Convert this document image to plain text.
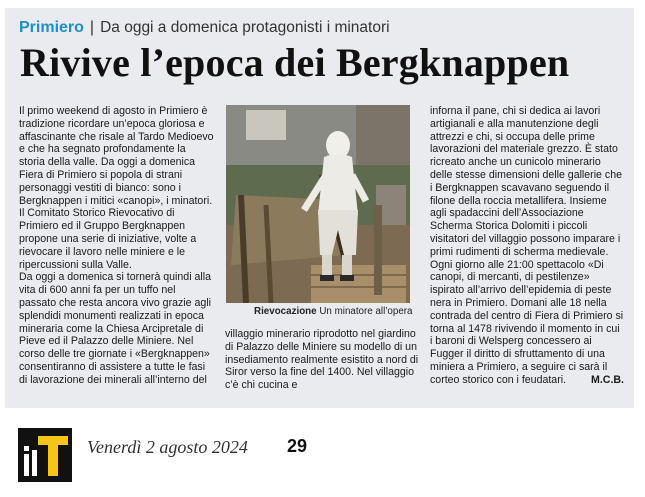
Primiero | Da oggi a domenica protagonisti i minatori
Rivive l’epoca dei Bergknappen
Il primo weekend di agosto in Primiero è tradizione ricordare un’epoca gloriosa e affascinante che risale al Tardo Medioevo e che ha segnato profondamente la storia della valle. Da oggi a domenica Fiera di Primiero si popola di strani personaggi vestiti di bianco: sono i Bergknappen i mitici «canopi», i minatori. Il Comitato Storico Rievocativo di Primiero ed il Gruppo Bergknappen propone una serie di iniziative, volte a rievocare il lavoro nelle miniere e le ripercussioni sulla Valle.
Da oggi a domenica si tornerà quindi alla vita di 600 anni fa per un tuffo nel passato che resta ancora vivo grazie agli splendidi monumenti realizzati in epoca mineraria come la Chiesa Arcipretale di Pieve ed il Palazzo delle Miniere. Nel corso delle tre giornate i «Bergknappen» consentiranno di assistere a tutte le fasi di lavorazione dei minerali all’interno del
Rievocazione Un minatore all’opera
villaggio minerario riprodotto nel giardino di Palazzo delle Miniere su modello di un insediamento realmente esistito a nord di Siror verso la fine del 1400. Nel villaggio c’è chi cucina e
inforna il pane, chi si dedica ai lavori artigianali e alla manutenzione degli attrezzi e chi, si occupa delle prime lavorazioni del materiale grezzo. È stato ricreato anche un cunicolo minerario delle stesse dimensioni delle gallerie che i Bergknappen scavavano seguendo il filone della roccia metallifera. Insieme agli spadaccini dell’Associazione Scherma Storica Dolomiti i piccoli visitatori del villaggio possono imparare i primi rudimenti di scherma medievale. Ogni giorno alle 21:00 spettacolo «Di canopi, di mercanti, di pestilenze» ispirato all’arrivo dell’epidemia di peste nera in Primiero. Domani alle 18 nella contrada del centro di Fiera di Primiero si torna al 1478 rivivendo il momento in cui i baroni di Welsperg concessero ai Fugger il diritto di sfruttamento di una miniera a Primiero, a seguire ci sarà il corteo storico con i feudatari. M.C.B.
Venerdì 2 agosto 2024 29
